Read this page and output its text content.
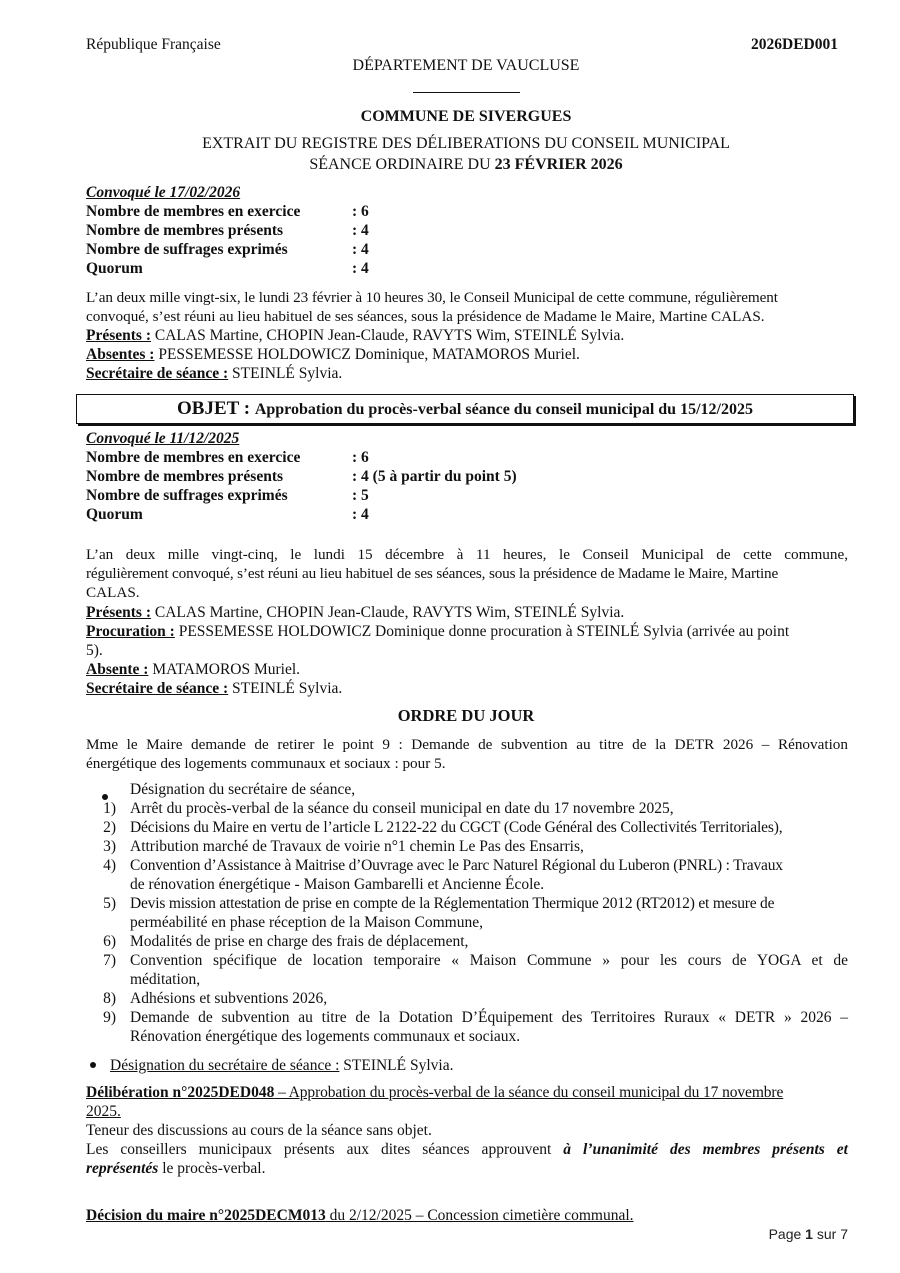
République Française	2026DED001
DÉPARTEMENT DE VAUCLUSE
COMMUNE DE SIVERGUES
EXTRAIT DU REGISTRE DES DÉLIBERATIONS DU CONSEIL MUNICIPAL
SÉANCE ORDINAIRE DU 23 FÉVRIER 2026
Convoqué le 17/02/2026
Nombre de membres en exercice	: 6
Nombre de membres présents	: 4
Nombre de suffrages exprimés	: 4
Quorum	: 4
L’an deux mille vingt-six, le lundi 23 février à 10 heures 30, le Conseil Municipal de cette commune, régulièrement
convoqué, s’est réuni au lieu habituel de ses séances, sous la présidence de Madame le Maire, Martine CALAS.
Présents : CALAS Martine, CHOPIN Jean-Claude, RAVYTS Wim, STEINLÉ Sylvia.
Absentes : PESSEMESSE HOLDOWICZ Dominique, MATAMOROS Muriel.
Secrétaire de séance : STEINLÉ Sylvia.
OBJET : Approbation du procès-verbal séance du conseil municipal du 15/12/2025
Convoqué le 11/12/2025
Nombre de membres en exercice	: 6
Nombre de membres présents	: 4 (5 à partir du point 5)
Nombre de suffrages exprimés	: 5
Quorum	: 4
L’an deux mille vingt-cinq, le lundi 15 décembre à 11 heures, le Conseil Municipal de cette commune,
régulièrement convoqué, s’est réuni au lieu habituel de ses séances, sous la présidence de Madame le Maire, Martine
CALAS.
Présents : CALAS Martine, CHOPIN Jean-Claude, RAVYTS Wim, STEINLÉ Sylvia.
Procuration : PESSEMESSE HOLDOWICZ Dominique donne procuration à STEINLÉ Sylvia (arrivée au point
5).
Absente : MATAMOROS Muriel.
Secrétaire de séance : STEINLÉ Sylvia.
ORDRE DU JOUR
Mme le Maire demande de retirer le point 9 : Demande de subvention au titre de la DETR 2026 – Rénovation
énergétique des logements communaux et sociaux : pour 5.
Désignation du secrétaire de séance,
1) Arrêt du procès-verbal de la séance du conseil municipal en date du 17 novembre 2025,
2) Décisions du Maire en vertu de l’article L 2122-22 du CGCT (Code Général des Collectivités Territoriales),
3) Attribution marché de Travaux de voirie n°1 chemin Le Pas des Ensarris,
4) Convention d’Assistance à Maitrise d’Ouvrage avec le Parc Naturel Régional du Luberon (PNRL) : Travaux
de rénovation énergétique - Maison Gambarelli et Ancienne École.
5) Devis mission attestation de prise en compte de la Réglementation Thermique 2012 (RT2012) et mesure de
perméabilité en phase réception de la Maison Commune,
6) Modalités de prise en charge des frais de déplacement,
7) Convention spécifique de location temporaire « Maison Commune » pour les cours de YOGA et de
méditation,
8) Adhésions et subventions 2026,
9) Demande de subvention au titre de la Dotation D’Équipement des Territoires Ruraux « DETR » 2026 –
Rénovation énergétique des logements communaux et sociaux.
Désignation du secrétaire de séance : STEINLÉ Sylvia.
Délibération n°2025DED048 – Approbation du procès-verbal de la séance du conseil municipal du 17 novembre
2025.
Teneur des discussions au cours de la séance sans objet.
Les conseillers municipaux présents aux dites séances approuvent à l’unanimité des membres présents et
représentés le procès-verbal.
Décision du maire n°2025DECM013 du 2/12/2025 – Concession cimetière communal.
Page 1 sur 7
